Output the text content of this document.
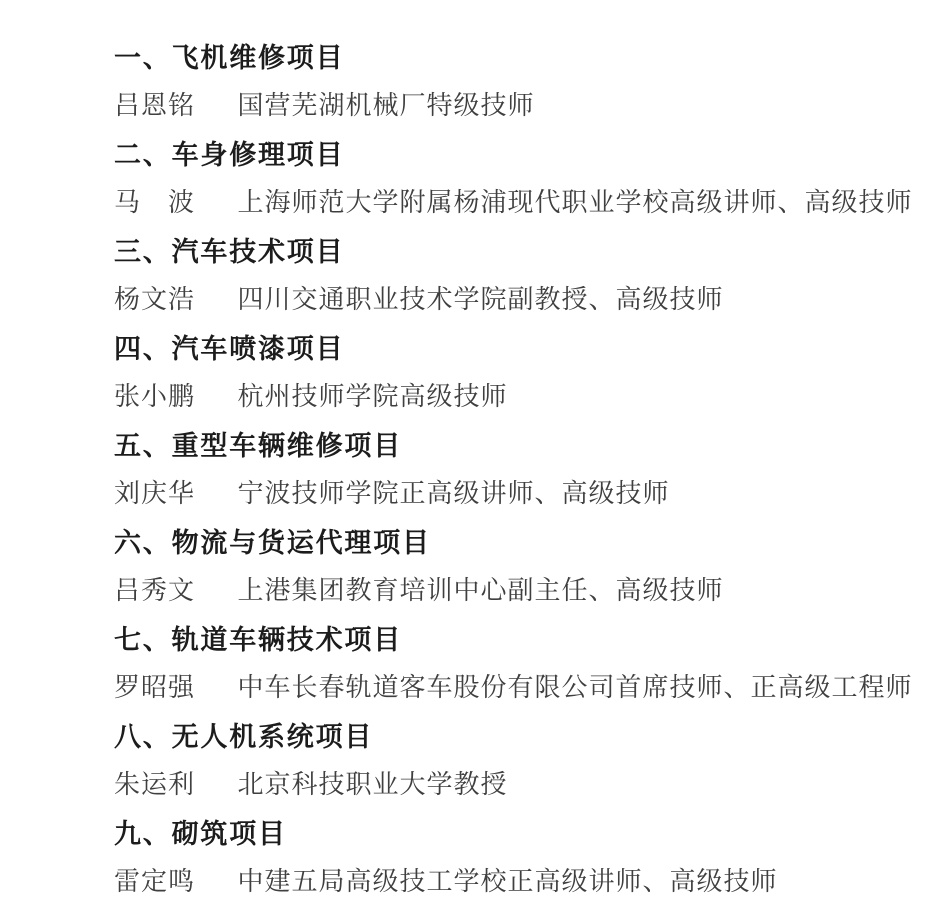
一、飞机维修项目

吕恩铭 国营芜湖机械厂特级技师

二、车身修理项目

马　波 上海师范大学附属杨浦现代职业学校高级讲师、高级技师

三、汽车技术项目

杨文浩 四川交通职业技术学院副教授、高级技师

四、汽车喷漆项目

张小鹏 杭州技师学院高级技师

五、重型车辆维修项目

刘庆华 宁波技师学院正高级讲师、高级技师

六、物流与货运代理项目

吕秀文 上港集团教育培训中心副主任、高级技师

七、轨道车辆技术项目

罗昭强 中车长春轨道客车股份有限公司首席技师、正高级工程师

八、无人机系统项目

朱运利 北京科技职业大学教授

九、砌筑项目

雷定鸣 中建五局高级技工学校正高级讲师、高级技师
